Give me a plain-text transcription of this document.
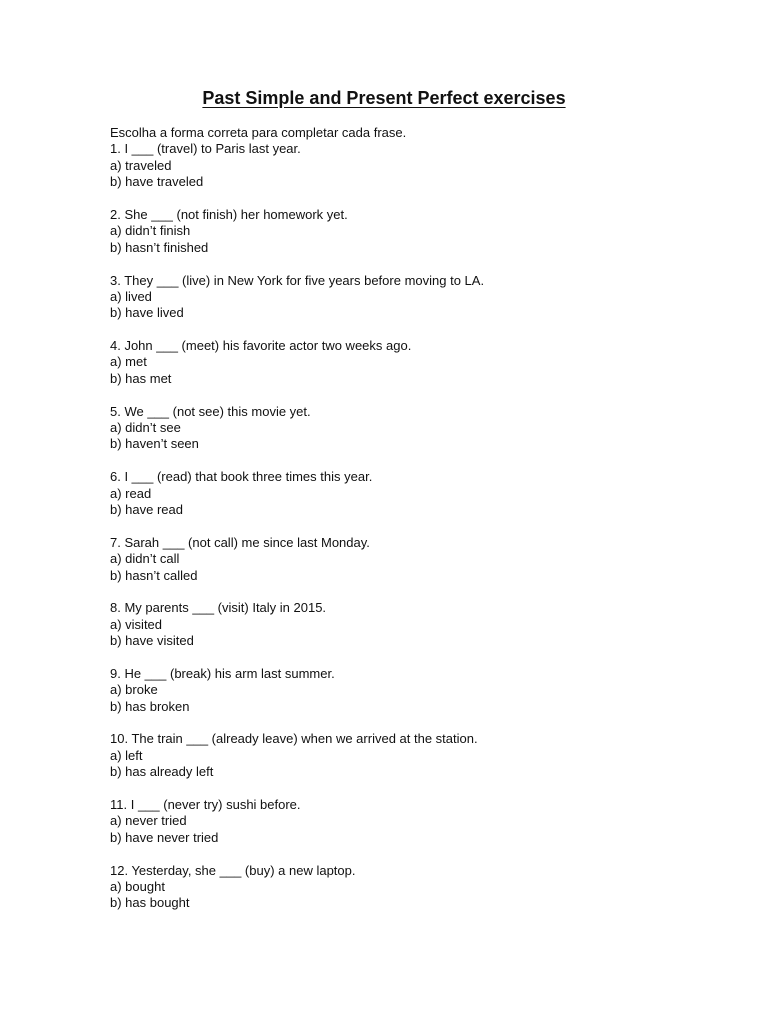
Past Simple and Present Perfect exercises
Escolha a forma correta para completar cada frase.
1. I ___ (travel) to Paris last year.
a) traveled
b) have traveled
2. She ___ (not finish) her homework yet.
a) didn’t finish
b) hasn’t finished
3. They ___ (live) in New York for five years before moving to LA.
a) lived
b) have lived
4. John ___ (meet) his favorite actor two weeks ago.
a) met
b) has met
5. We ___ (not see) this movie yet.
a) didn’t see
b) haven’t seen
6. I ___ (read) that book three times this year.
a) read
b) have read
7. Sarah ___ (not call) me since last Monday.
a) didn’t call
b) hasn’t called
8. My parents ___ (visit) Italy in 2015.
a) visited
b) have visited
9. He ___ (break) his arm last summer.
a) broke
b) has broken
10. The train ___ (already leave) when we arrived at the station.
a) left
b) has already left
11. I ___ (never try) sushi before.
a) never tried
b) have never tried
12. Yesterday, she ___ (buy) a new laptop.
a) bought
b) has bought
